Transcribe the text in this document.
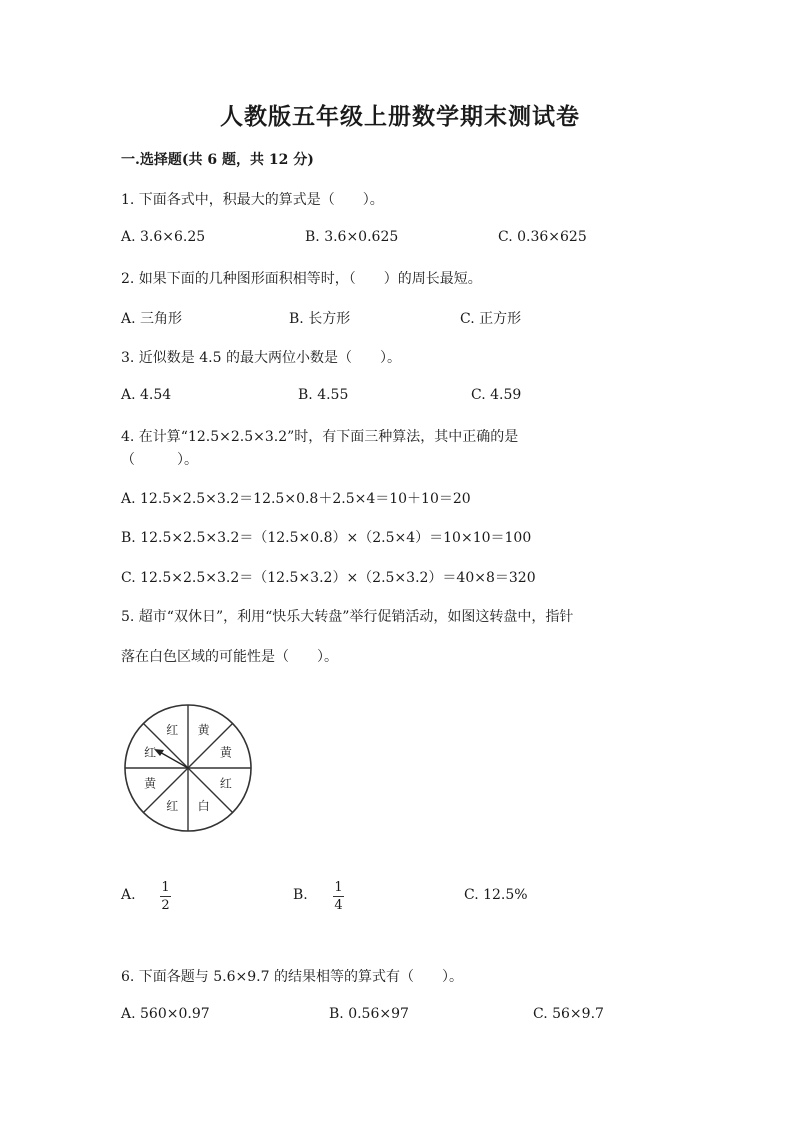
人教版五年级上册数学期末测试卷
一.选择题(共 6 题，共 12 分)
1. 下面各式中，积最大的算式是（　　）。
A. 3.6×6.25	B. 3.6×0.625	C. 0.36×625
2. 如果下面的几种图形面积相等时，（　　）的周长最短。
A. 三角形	B. 长方形	C. 正方形
3. 近似数是 4.5 的最大两位小数是（　　）。
A. 4.54	B. 4.55	C. 4.59
4. 在计算“12.5×2.5×3.2”时，有下面三种算法，其中正确的是
（　　　）。
A. 12.5×2.5×3.2＝12.5×0.8＋2.5×4＝10＋10＝20
B. 12.5×2.5×3.2＝（12.5×0.8）×（2.5×4）＝10×10＝100
C. 12.5×2.5×3.2＝（12.5×3.2）×（2.5×3.2）＝40×8＝320
5. 超市“双休日”，利用“快乐大转盘”举行促销活动，如图这转盘中，指针
落在白色区域的可能性是（　　）。
黄
黄
红
白
红
黄
红
红
A. 1
2
B. 1
4
C. 12.5%
6. 下面各题与 5.6×9.7 的结果相等的算式有（　　）。
A. 560×0.97	B. 0.56×97	C. 56×9.7
